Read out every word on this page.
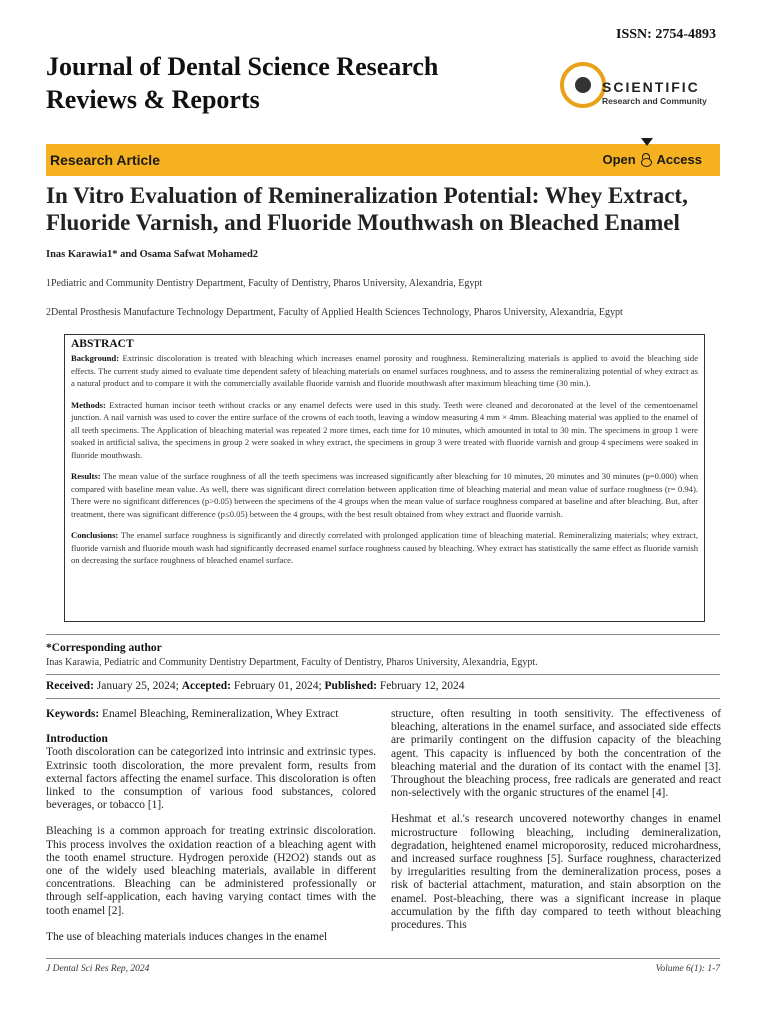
ISSN: 2754-4893
Journal of Dental Science Research
Reviews & Reports	SCIENTIFIC
Research and Community
Research Article	Open Access
In Vitro Evaluation of Remineralization Potential: Whey Extract, Fluoride Varnish, and Fluoride Mouthwash on Bleached Enamel
Inas Karawia1* and Osama Safwat Mohamed2
1Pediatric and Community Dentistry Department, Faculty of Dentistry, Pharos University, Alexandria, Egypt
2Dental Prosthesis Manufacture Technology Department, Faculty of Applied Health Sciences Technology, Pharos University, Alexandria, Egypt
ABSTRACT

Background: Extrinsic discoloration is treated with bleaching which increases enamel porosity and roughness. Remineralizing materials is applied to avoid the bleaching side effects. The current study aimed to evaluate time dependent safety of bleaching materials on enamel surfaces roughness, and to assess the remineralizing potential of whey extract as a natural product and to compare it with the commercially available fluoride varnish and fluoride mouthwash after maximum bleaching time (30 min.).

Methods: Extracted human incisor teeth without cracks or any enamel defects were used in this study. Teeth were cleaned and decoronated at the level of the cementoenamel junction. A nail varnish was used to cover the entire surface of the crowns of each tooth, leaving a window measuring 4 mm × 4mm. Bleaching material was applied to the enamel of all teeth specimens. The Application of bleaching material was repeated 2 more times, each time for 10 minutes, which amounted in total to 30 min. The specimens in group 1 were soaked in artificial saliva, the specimens in group 2 were soaked in whey extract, the specimens in group 3 were treated with fluoride varnish and group 4 specimens were soaked in fluoride mouthwash.

Results: The mean value of the surface roughness of all the teeth specimens was increased significantly after bleaching for 10 minutes, 20 minutes and 30 minutes (p=0.000) when compared with baseline mean value. As well, there was significant direct correlation between application time of bleaching material and mean value of surface roughness (r= 0.94). There were no significant differences (p>0.05) between the specimens of the 4 groups when the mean value of surface roughness compared at baseline and after bleaching. But, after treatment, there was significant difference (p≤0.05) between the 4 groups, with the best result obtained from whey extract and fluoride varnish.

Conclusions: The enamel surface roughness is significantly and directly correlated with prolonged application time of bleaching material. Remineralizing materials; whey extract, fluoride varnish and fluoride mouth wash had significantly decreased enamel surface roughness caused by bleaching. Whey extract has statistically the same effect as fluoride varnish on decreasing the surface roughness of bleached enamel surface.

*Corresponding author
Inas Karawia, Pediatric and Community Dentistry Department, Faculty of Dentistry, Pharos University, Alexandria, Egypt.
Received: January 25, 2024; Accepted: February 01, 2024; Published: February 12, 2024

Keywords: Enamel Bleaching, Remineralization, Whey Extract

Introduction

Tooth discoloration can be categorized into intrinsic and extrinsic types. Extrinsic tooth discoloration, the more prevalent form, results from external factors affecting the enamel surface. This discoloration is often linked to the consumption of various food substances, colored beverages, or tobacco [1].

Bleaching is a common approach for treating extrinsic discoloration. This process involves the oxidation reaction of a bleaching agent with the tooth enamel structure. Hydrogen peroxide (H2O2) stands out as one of the widely used bleaching materials, available in different concentrations. Bleaching can be administered professionally or through self-application, each having varying contact times with the tooth enamel [2].

The use of bleaching materials induces changes in the enamel

structure, often resulting in tooth sensitivity. The effectiveness of bleaching, alterations in the enamel surface, and associated side effects are primarily contingent on the diffusion capacity of the bleaching agent. This capacity is influenced by both the concentration of the bleaching material and the duration of its contact with the enamel [3]. Throughout the bleaching process, free radicals are generated and react non-selectively with the organic structures of the enamel [4].

Heshmat et al.'s research uncovered noteworthy changes in enamel microstructure following bleaching, including demineralization, degradation, heightened enamel microporosity, reduced microhardness, and increased surface roughness [5]. Surface roughness, characterized by irregularities resulting from the demineralization process, poses a risk of bacterial attachment, maturation, and stain absorption on the enamel. Post-bleaching, there was a significant increase in plaque accumulation by the fifth day compared to teeth without bleaching procedures. This

J Dental Sci Res Rep, 2024	Volume 6(1): 1-7
